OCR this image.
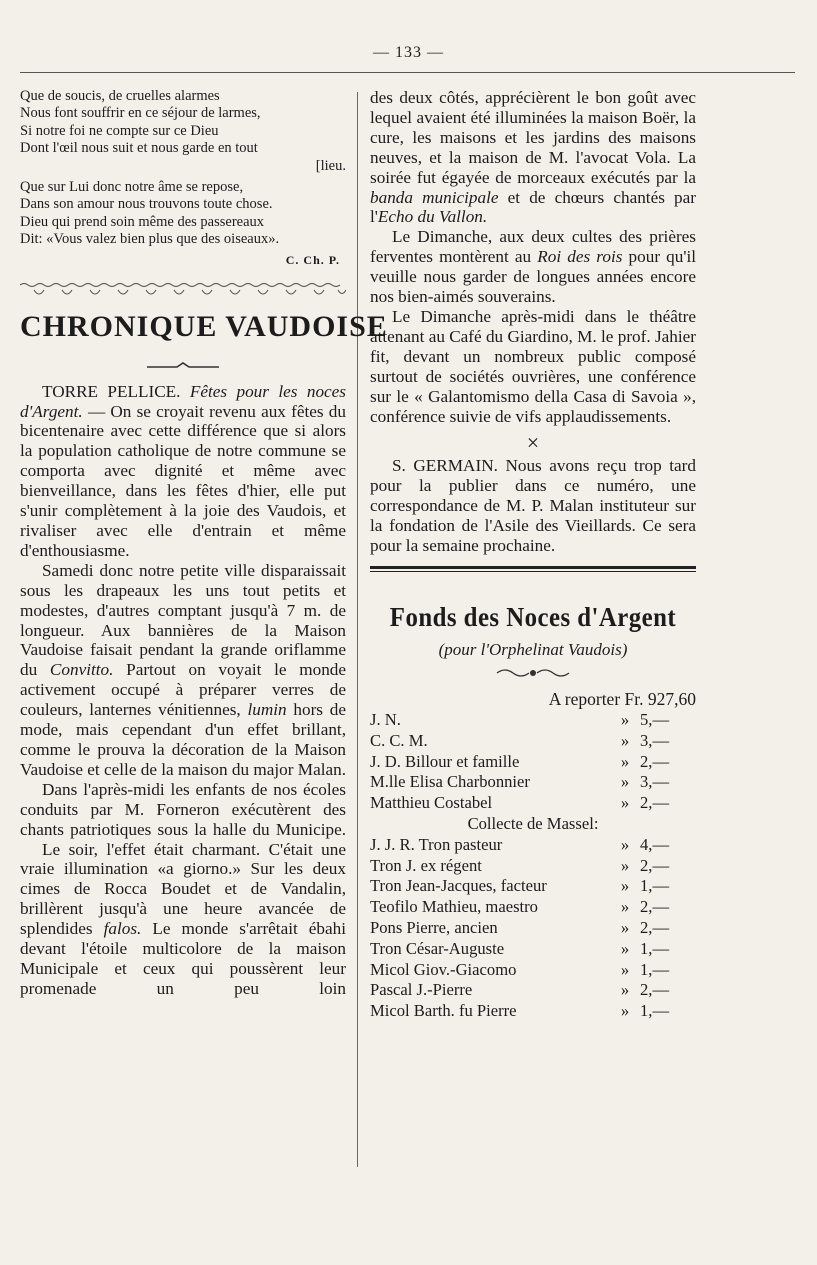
— 133 —
Que de soucis, de cruelles alarmes
Nous font souffrir en ce séjour de larmes,
Si notre foi ne compte sur ce Dieu
Dont l'œil nous suit et nous garde en tout
[lieu.
Que sur Lui donc notre âme se repose,
Dans son amour nous trouvons toute chose.
Dieu qui prend soin même des passereaux
Dit: «Vous valez bien plus que des oiseaux».
C. Ch. P.
CHRONIQUE VAUDOISE

TORRE PELLICE. Fêtes pour les noces d'Argent. — On se croyait revenu aux fêtes du bicentenaire avec cette différence que si alors la population catholique de notre commune se comporta avec dignité et même avec bienveillance, dans les fêtes d'hier, elle put s'unir complètement à la joie des Vaudois, et rivaliser avec elle d'entrain et même d'enthousiasme.

Samedi donc notre petite ville disparaissait sous les drapeaux les uns tout petits et modestes, d'autres comptant jusqu'à 7 m. de longueur. Aux bannières de la Maison Vaudoise faisait pendant la grande oriflamme du Convitto. Partout on voyait le monde activement occupé à préparer verres de couleurs, lanternes vénitiennes, lumin hors de mode, mais cependant d'un effet brillant, comme le prouva la décoration de la Maison Vaudoise et celle de la maison du major Malan.

Dans l'après-midi les enfants de nos écoles conduits par M. Forneron exécutèrent des chants patriotiques sous la halle du Municipe.

Le soir, l'effet était charmant. C'était une vraie illumination «a giorno.» Sur les deux cimes de Rocca Boudet et de Vandalin, brillèrent jusqu'à une heure avancée de splendides falos. Le monde s'arrêtait ébahi devant l'étoile multicolore de la maison Municipale et ceux qui poussèrent leur promenade un peu loin

des deux côtés, apprécièrent le bon goût avec lequel avaient été illuminées la maison Boër, la cure, les maisons et les jardins des maisons neuves, et la maison de M. l'avocat Vola. La soirée fut égayée de morceaux exécutés par la banda municipale et de chœurs chantés par l'Echo du Vallon.

Le Dimanche, aux deux cultes des prières ferventes montèrent au Roi des rois pour qu'il veuille nous garder de longues années encore nos bien-aimés souverains.

Le Dimanche après-midi dans le théâtre attenant au Café du Giardino, M. le prof. Jahier fit, devant un nombreux public composé surtout de sociétés ouvrières, une conférence sur le « Galantomismo della Casa di Savoia », conférence suivie de vifs applaudissements.

×

S. GERMAIN. Nous avons reçu trop tard pour la publier dans ce numéro, une correspondance de M. P. Malan instituteur sur la fondation de l'Asile des Vieillards. Ce sera pour la semaine prochaine.

Fonds des Noces d'Argent
(pour l'Orphelinat Vaudois)
A reporter Fr. 927,60
J. N.	»	5,—
C. C. M.	»	3,—
J. D. Billour et famille	»	2,—
M.lle Elisa Charbonnier	»	3,—
Matthieu Costabel	»	2,—
Collecte de Massel:		
J. J. R. Tron pasteur	»	4,—
Tron J. ex régent	»	2,—
Tron Jean-Jacques, facteur	»	1,—
Teofilo Mathieu, maestro	»	2,—
Pons Pierre, ancien	»	2,—
Tron César-Auguste	»	1,—
Micol Giov.-Giacomo	»	1,—
Pascal J.-Pierre	»	2,—
Micol Barth. fu Pierre	»	1,—
